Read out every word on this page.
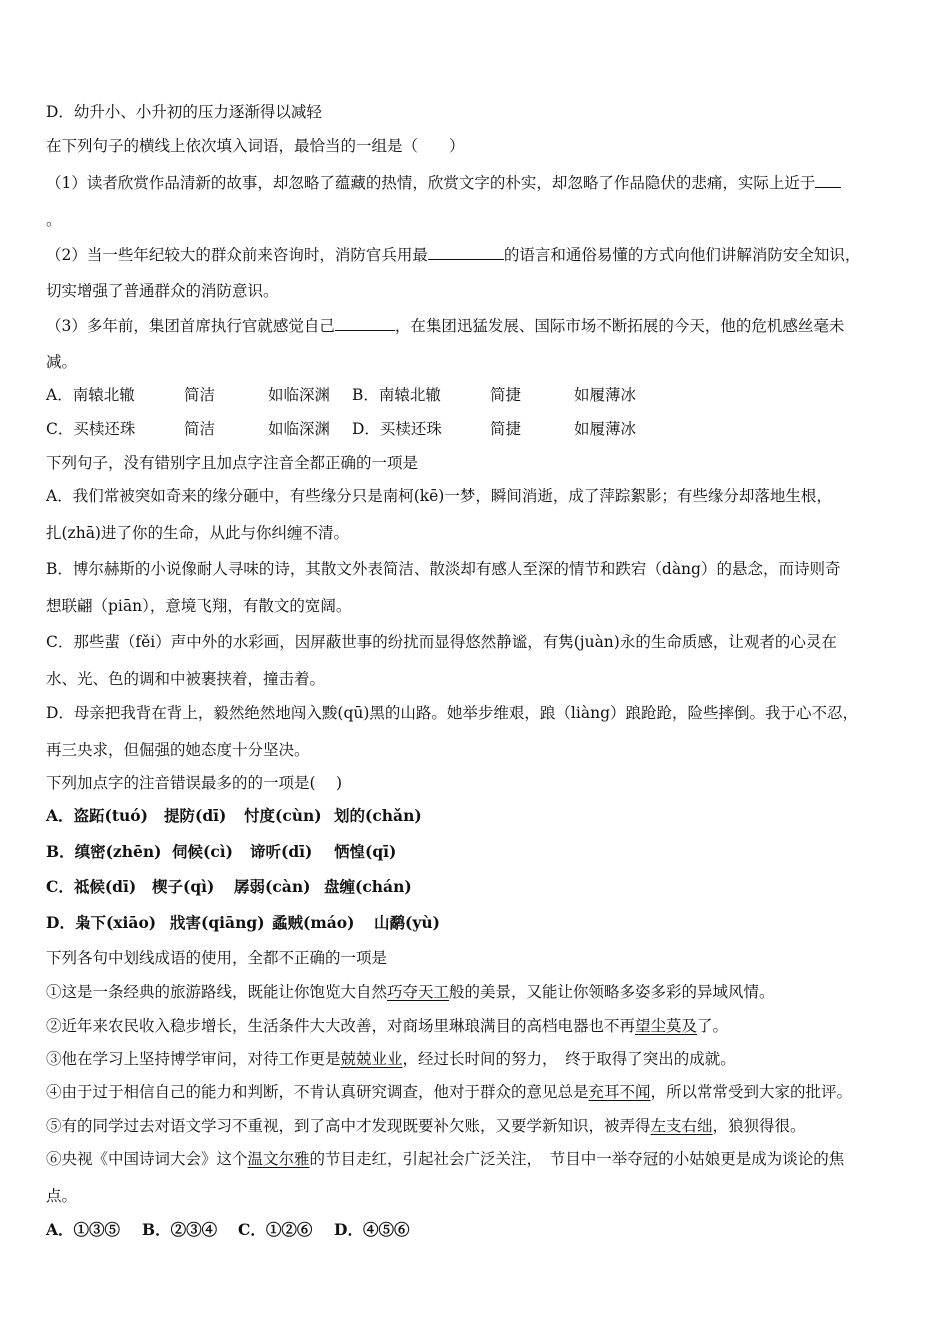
D．幼升小、小升初的压力逐渐得以减轻
在下列句子的横线上依次填入词语，最恰当的一组是（　　）
（1）读者欣赏作品清新的故事，却忽略了蕴藏的热情，欣赏文字的朴实，却忽略了作品隐伏的悲痛，实际上近于
。
（2）当一些年纪较大的群众前来咨询时，消防官兵用最	的语言和通俗易懂的方式向他们讲解消防安全知识，
切实增强了普通群众的消防意识。
（3）多年前，集团首席执行官就感觉自己	，在集团迅猛发展、国际市场不断拓展的今天，他的危机感丝毫未
减。
A．南辕北辙	简洁	如临深渊 B．南辕北辙	简捷	如履薄冰
C．买椟还珠	简洁	如临深渊 D．买椟还珠	简捷	如履薄冰
下列句子，没有错别字且加点字注音全都正确的一项是
A．我们常被突如奇来的缘分砸中，有些缘分只是南柯(kē)一梦，瞬间消逝，成了萍踪絮影；有些缘分却落地生根，
扎(zhā)进了你的生命，从此与你纠缠不清。
B．博尔赫斯的小说像耐人寻味的诗，其散文外表简洁、散淡却有感人至深的情节和跌宕（dàng）的悬念，而诗则奇
想联翩（piān），意境飞翔，有散文的宽阔。
C．那些蜚（fěi）声中外的水彩画，因屏蔽世事的纷扰而显得悠然静谧，有隽(juàn)永的生命质感，让观者的心灵在
水、光、色的调和中被裹挟着，撞击着。
D．母亲把我背在背上，毅然绝然地闯入黢(qū)黑的山路。她举步维艰，踉（liàng）踉跄跄，险些摔倒。我于心不忍，
再三央求，但倔强的她态度十分坚决。
下列加点字的注音错误最多的的一项是(　 )
A．盗跖(tuó) 提防(dī) 忖度(cùn) 划的(chǎn)
B．缜密(zhēn) 伺候(cì) 谛听(dī) 恓惶(qī)
C．祗候(dī) 楔子(qì) 孱弱(càn) 盘缠(chán)
D．枭下(xiāo) 戕害(qiāng) 蟊贼(máo) 山鹬(yù)
下列各句中划线成语的使用，全都不正确的一项是
①这是一条经典的旅游路线，既能让你饱览大自然巧夺天工般的美景，又能让你领略多姿多彩的异域风情。
②近年来农民收入稳步增长，生活条件大大改善，对商场里琳琅满目的高档电器也不再望尘莫及了。
③他在学习上坚持博学审问，对待工作更是兢兢业业，经过长时间的努力，　终于取得了突出的成就。
④由于过于相信自己的能力和判断，不肯认真研究调查，他对于群众的意见总是充耳不闻，所以常常受到大家的批评。
⑤有的同学过去对语文学习不重视，到了高中才发现既要补欠账，又要学新知识，被弄得左支右绌，狼狈得很。
⑥央视《中国诗词大会》这个温文尔雅的节目走红，引起社会广泛关注，　节目中一举夺冠的小姑娘更是成为谈论的焦
点。
A．①③⑤ B．②③④ C．①②⑥ D．④⑤⑥
